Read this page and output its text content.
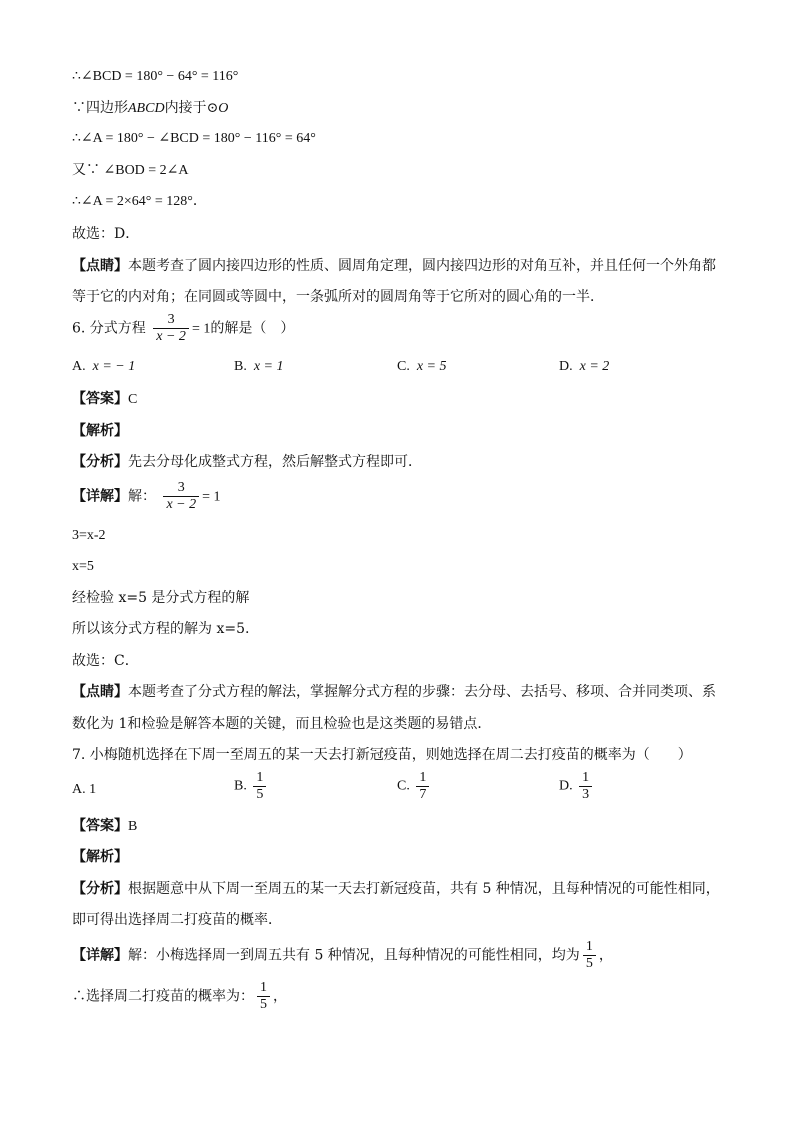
∴∠BCD = 180° − 64° = 116°
∵四边形ABCD内接于⊙O
∴∠A = 180° − ∠BCD = 180° − 116° = 64°
又∵ ∠BOD = 2∠A
∴∠A = 2×64° = 128°．
故选：D．
【点睛】本题考查了圆内接四边形的性质、圆周角定理，圆内接四边形的对角互补，并且任何一个外角都
等于它的内对角；在同圆或等圆中，一条弧所对的圆周角等于它所对的圆心角的一半．
6. 分式方程 $\frac{3}{x - 2} = 1$的解是（　）
A. x = − 1	B. x = 1	C. x = 5	D. x = 2
【答案】C
【解析】
【分析】先去分母化成整式方程，然后解整式方程即可．
【详解】解： $\frac{3}{x - 2} = 1$
3=x-2
x=5
经检验 x=5 是分式方程的解
所以该分式方程的解为 x=5.
故选：C．
【点睛】本题考查了分式方程的解法，掌握解分式方程的步骤：去分母、去括号、移项、合并同类项、系
数化为 1和检验是解答本题的关键，而且检验也是这类题的易错点．
7. 小梅随机选择在下周一至周五的某一天去打新冠疫苗，则她选择在周二去打疫苗的概率为（　　）
A. 1	B. $\frac{1}{5}$	C. $\frac{1}{7}$	D. $\frac{1}{3}$
【答案】B
【解析】
【分析】根据题意中从下周一至周五的某一天去打新冠疫苗，共有 5 种情况，且每种情况的可能性相同，
即可得出选择周二打疫苗的概率．
【详解】解：小梅选择周一到周五共有 5 种情况，且每种情况的可能性相同，均为 $\frac{1}{5}$ ，
∴选择周二打疫苗的概率为： $\frac{1}{5}$ ，
